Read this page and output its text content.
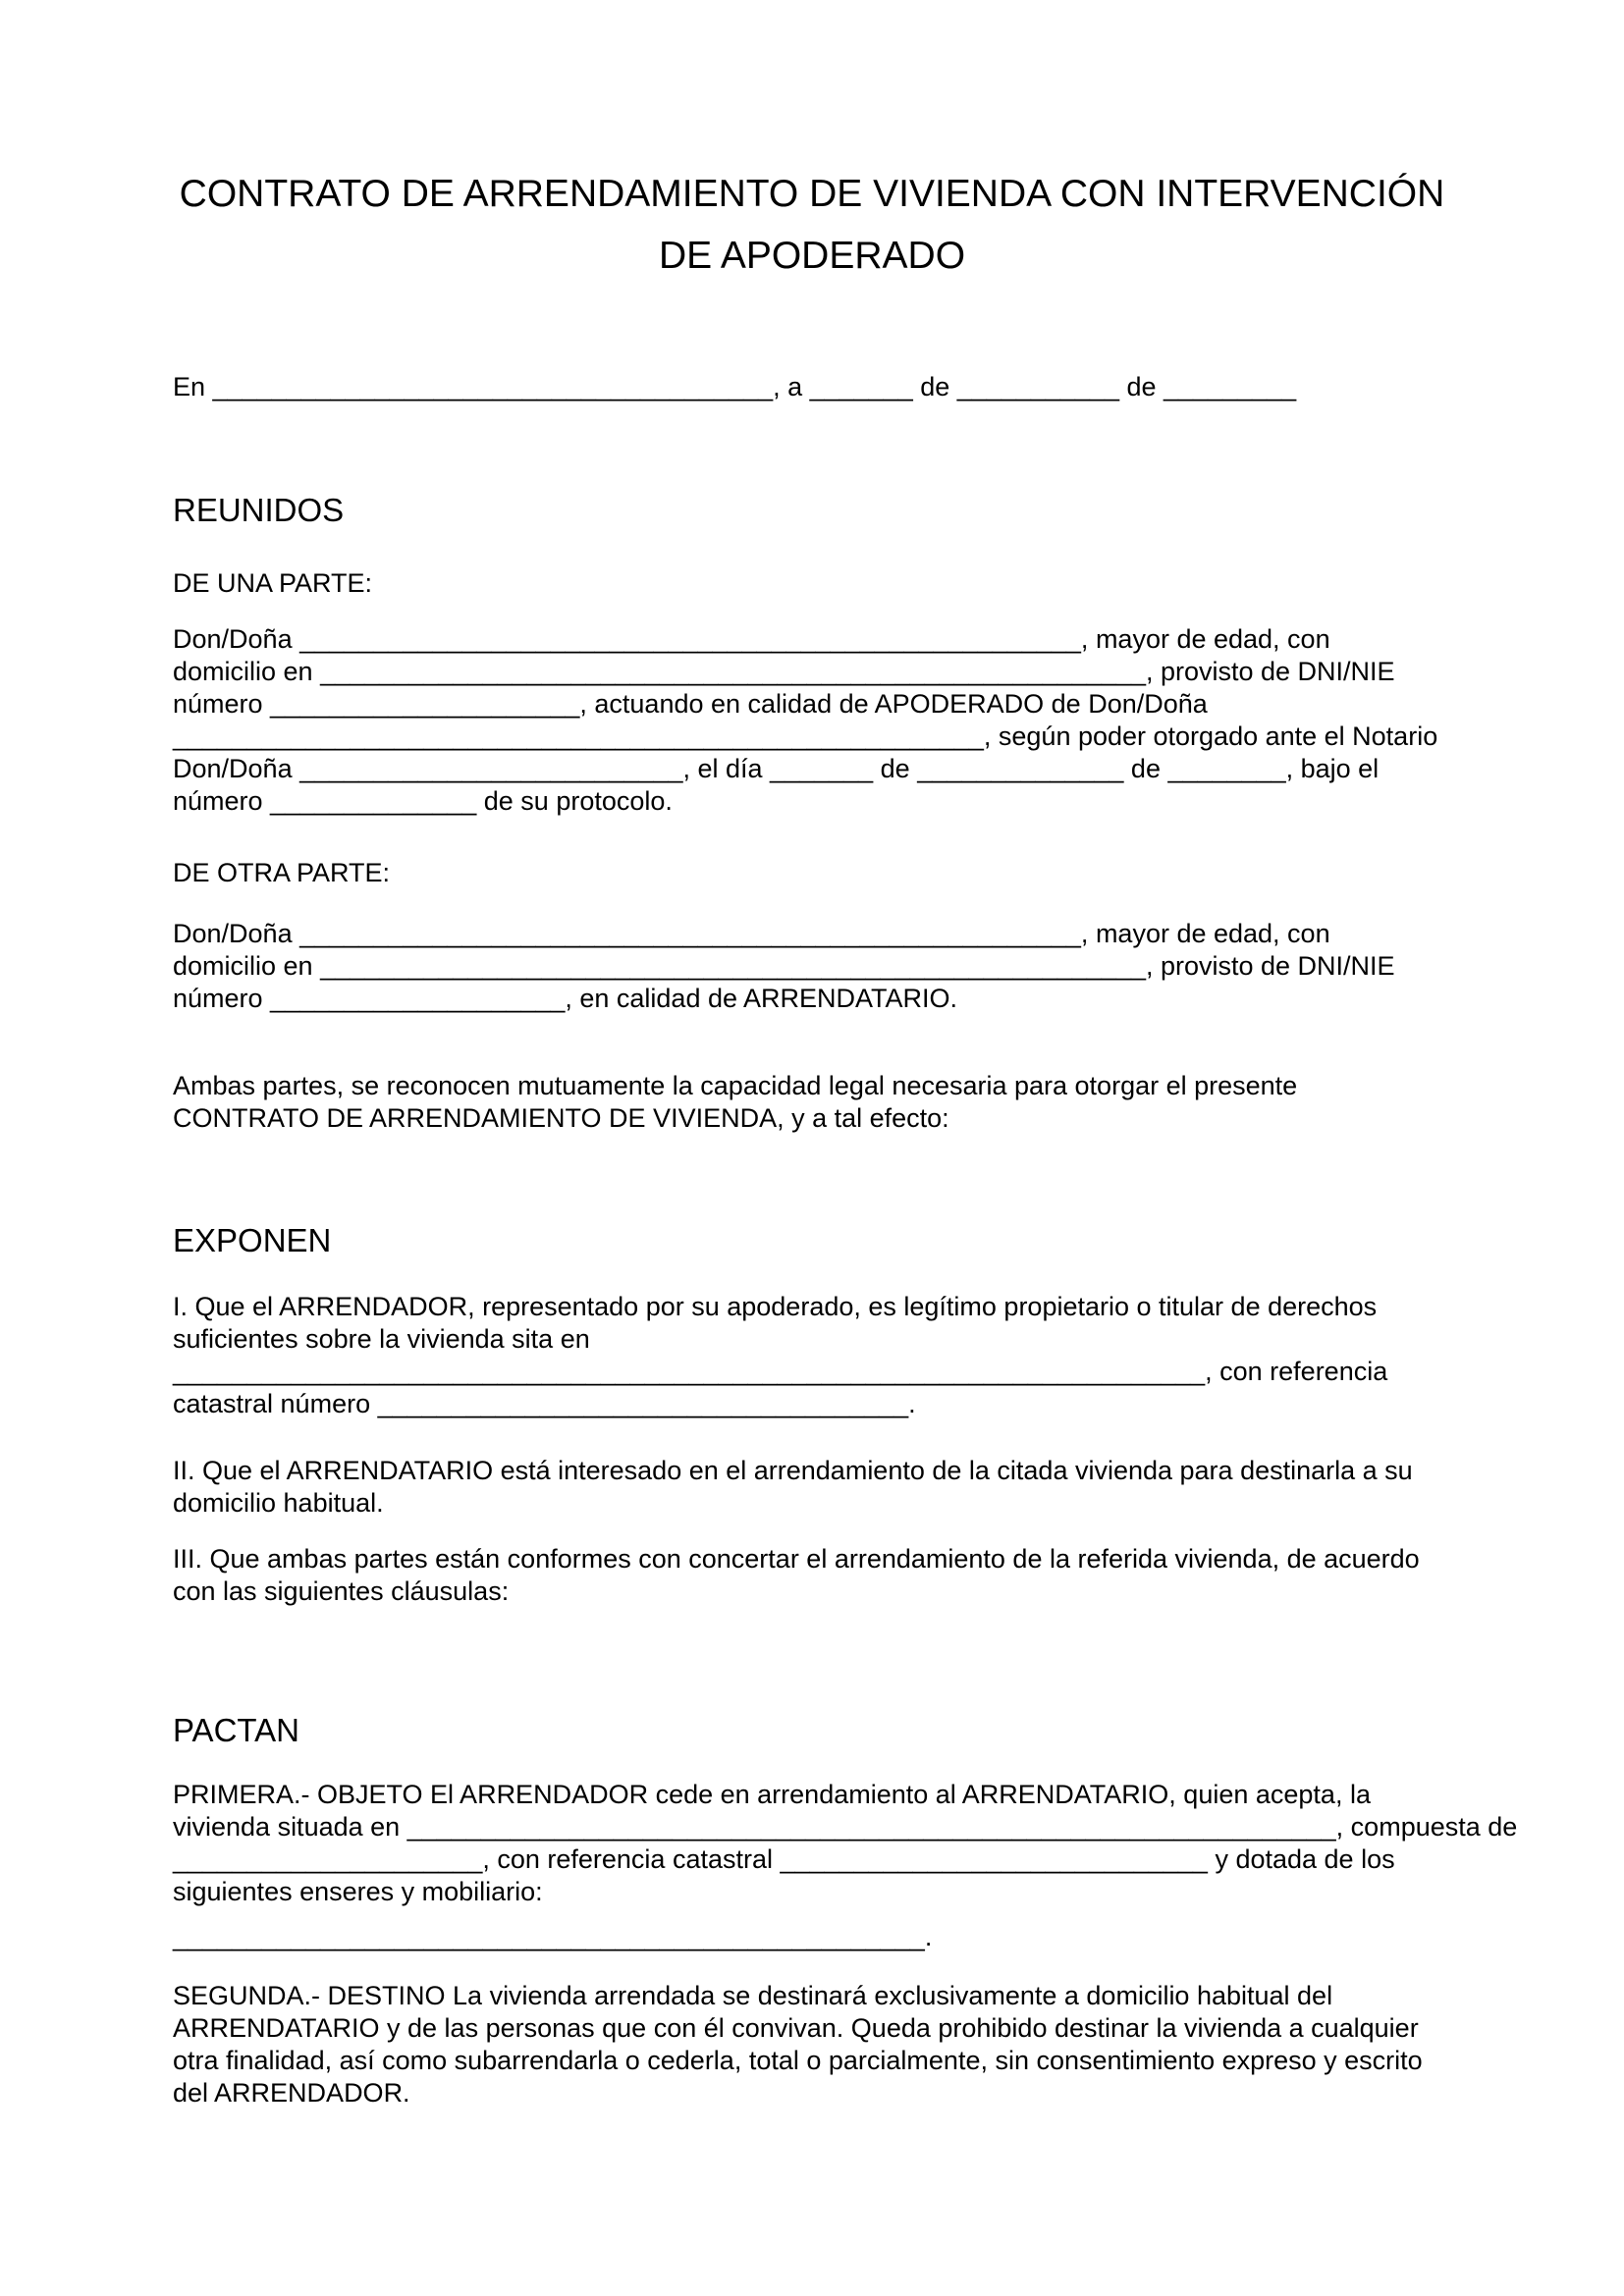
CONTRATO DE ARRENDAMIENTO DE VIVIENDA CON INTERVENCIÓN
DE APODERADO
En ______________________________________, a _______ de ___________ de _________
REUNIDOS
DE UNA PARTE:
Don/Doña _____________________________________________________, mayor de edad, con
domicilio en ________________________________________________________, provisto de DNI/NIE
número _____________________, actuando en calidad de APODERADO de Don/Doña
_______________________________________________________, según poder otorgado ante el Notario
Don/Doña __________________________, el día _______ de ______________ de ________, bajo el
número ______________ de su protocolo.
DE OTRA PARTE:
Don/Doña _____________________________________________________, mayor de edad, con
domicilio en ________________________________________________________, provisto de DNI/NIE
número ____________________, en calidad de ARRENDATARIO.
Ambas partes, se reconocen mutuamente la capacidad legal necesaria para otorgar el presente
CONTRATO DE ARRENDAMIENTO DE VIVIENDA, y a tal efecto:
EXPONEN
I. Que el ARRENDADOR, representado por su apoderado, es legítimo propietario o titular de derechos
suficientes sobre la vivienda sita en
______________________________________________________________________, con referencia
catastral número ____________________________________.
II. Que el ARRENDATARIO está interesado en el arrendamiento de la citada vivienda para destinarla a su
domicilio habitual.
III. Que ambas partes están conformes con concertar el arrendamiento de la referida vivienda, de acuerdo
con las siguientes cláusulas:
PACTAN
PRIMERA.- OBJETO El ARRENDADOR cede en arrendamiento al ARRENDATARIO, quien acepta, la
vivienda situada en _______________________________________________________________, compuesta de
_____________________, con referencia catastral _____________________________ y dotada de los
siguientes enseres y mobiliario:
___________________________________________________.
SEGUNDA.- DESTINO La vivienda arrendada se destinará exclusivamente a domicilio habitual del
ARRENDATARIO y de las personas que con él convivan. Queda prohibido destinar la vivienda a cualquier
otra finalidad, así como subarrendarla o cederla, total o parcialmente, sin consentimiento expreso y escrito
del ARRENDADOR.
